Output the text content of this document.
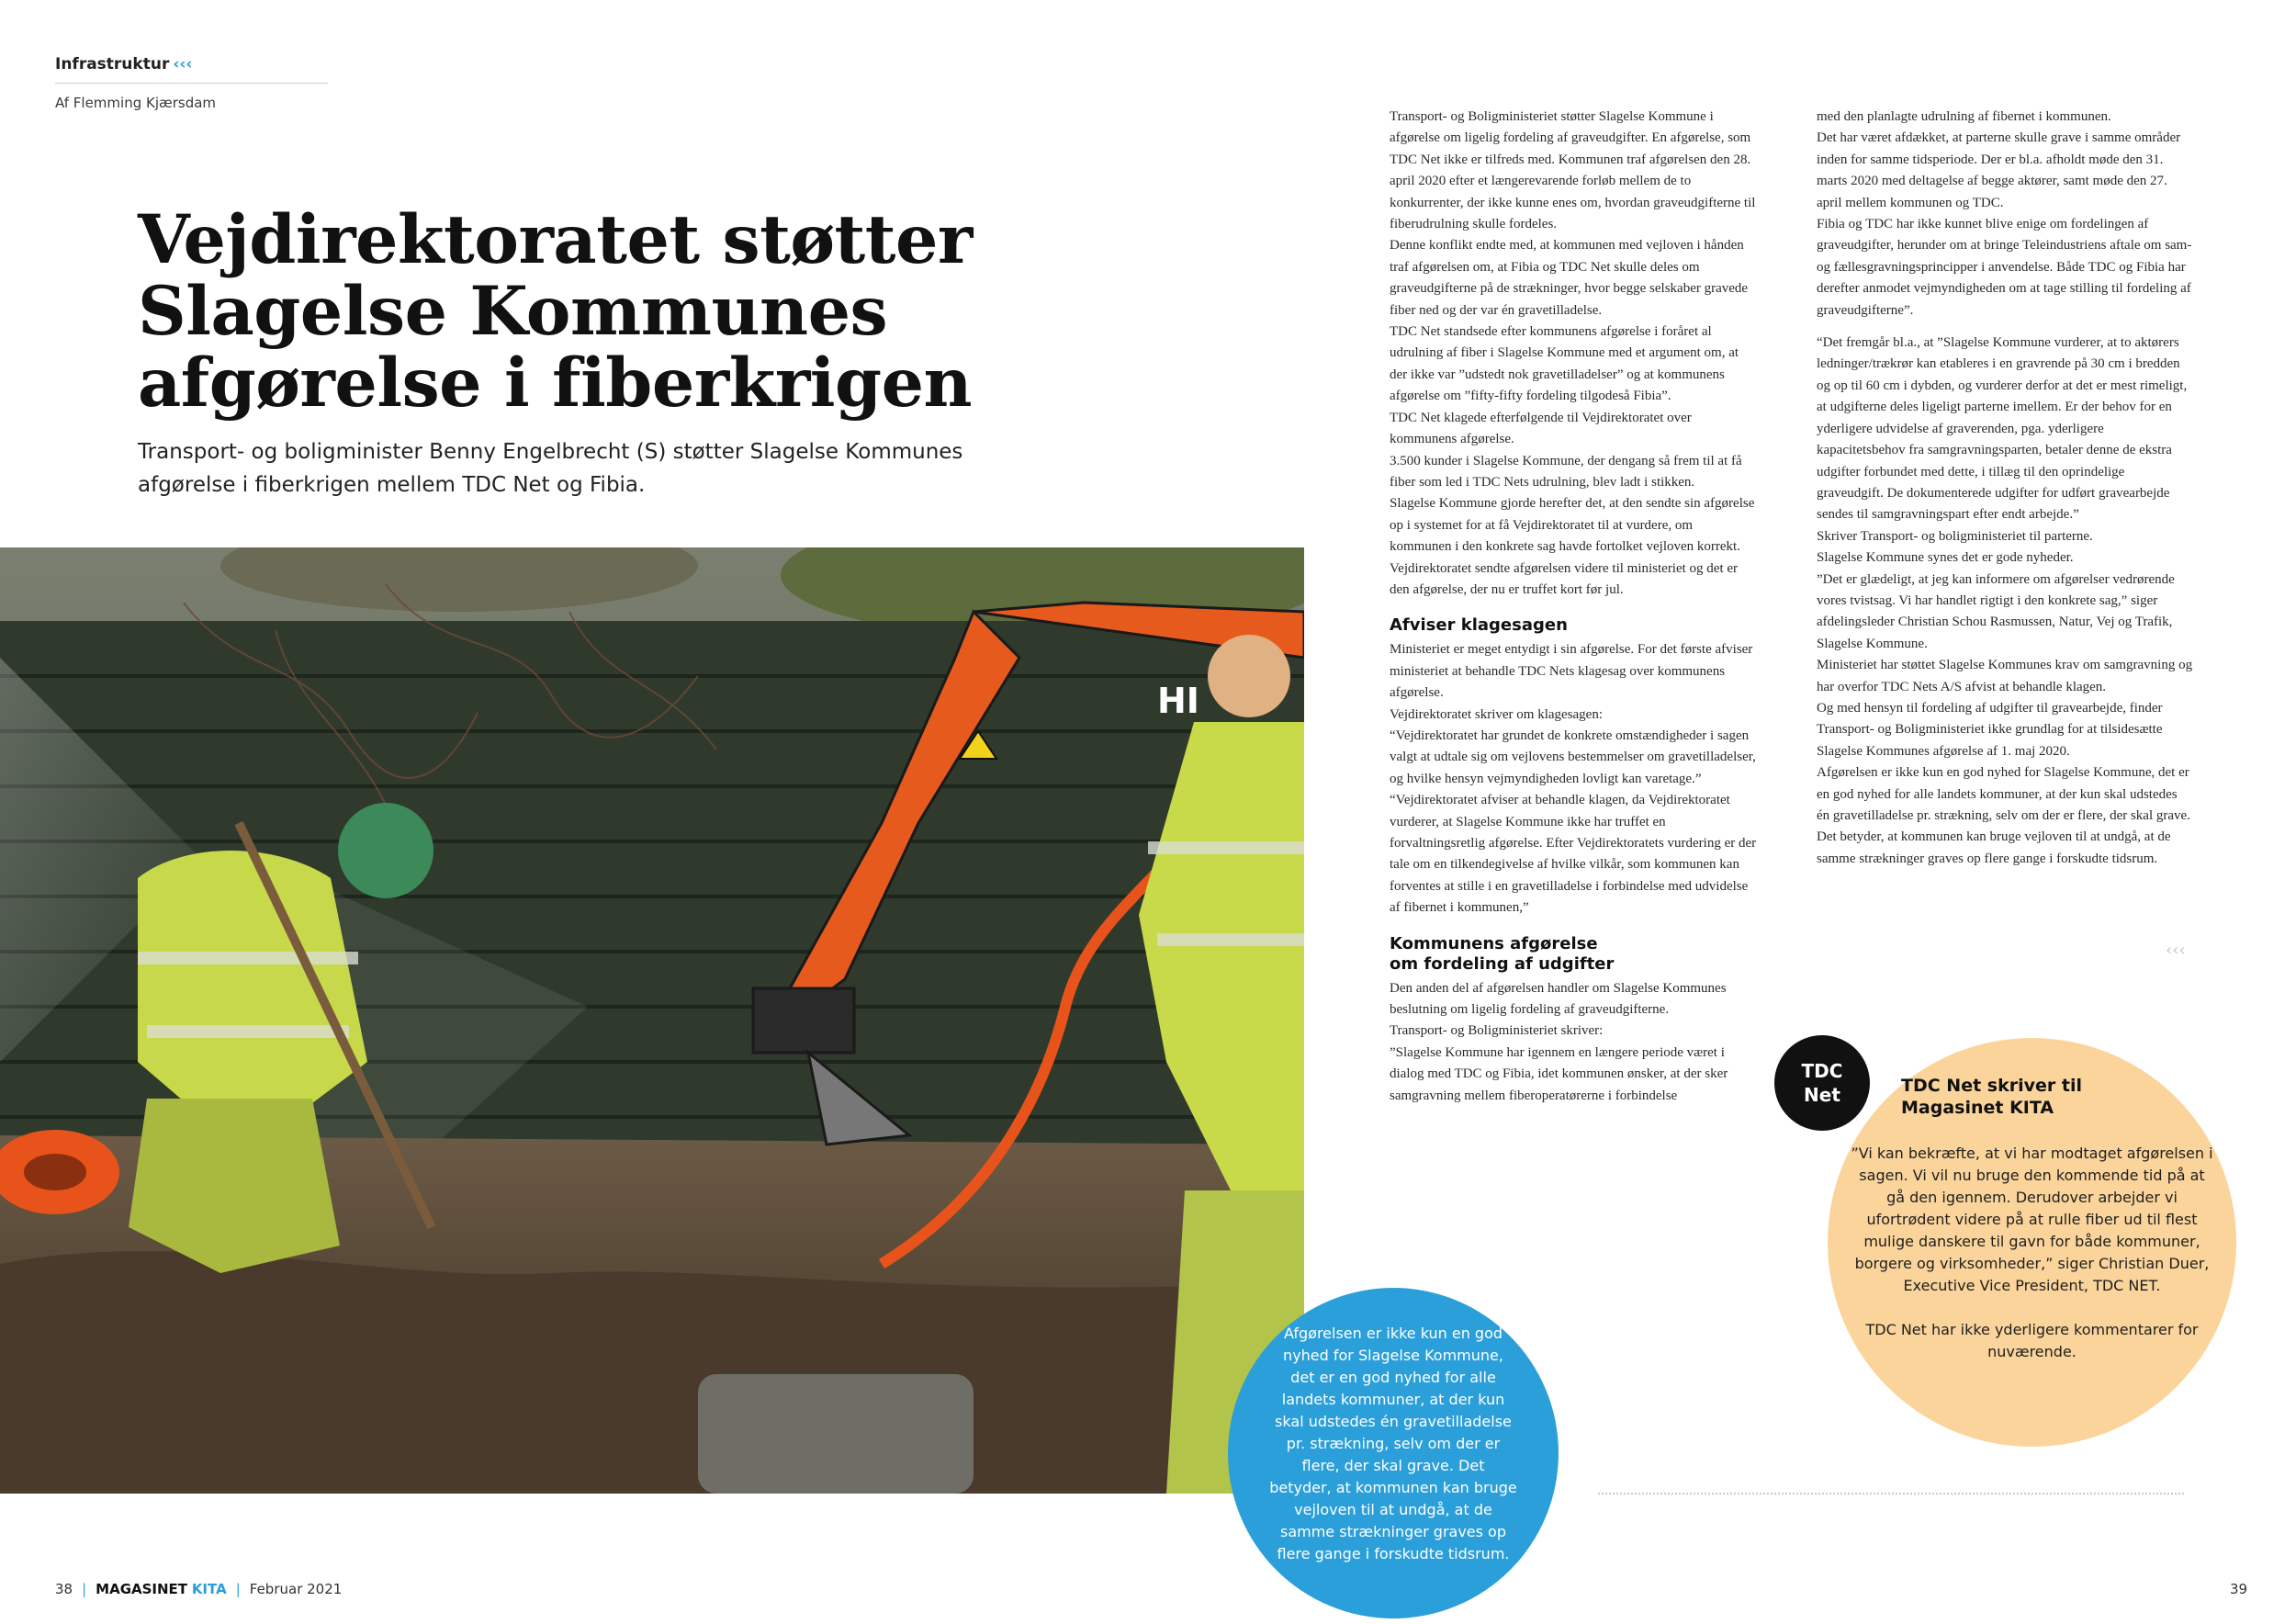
Infrastruktur ‹‹‹
Af Flemming Kjærsdam
Vejdirektoratet støtter
Slagelse Kommunes
afgørelse i fiberkrigen

Transport- og boligminister Benny Engelbrecht (S) støtter Slagelse Kommunes afgørelse i fiberkrigen mellem TDC Net og Fibia.

HI

Transport- og Boligministeriet støtter Slagelse Kommune i afgørelse om ligelig fordeling af graveudgifter. En afgørelse, som TDC Net ikke er tilfreds med. Kommunen traf afgørelsen den 28. april 2020 efter et længerevarende forløb mellem de to konkurrenter, der ikke kunne enes om, hvordan graveudgifterne til fiberudrulning skulle fordeles.

Denne konflikt endte med, at kommunen med vejloven i hånden traf afgørelsen om, at Fibia og TDC Net skulle deles om graveudgifterne på de strækninger, hvor begge selskaber gravede fiber ned og der var én gravetilladelse.

TDC Net standsede efter kommunens afgørelse i foråret al udrulning af fiber i Slagelse Kommune med et argument om, at der ikke var ”udstedt nok gravetilladelser” og at kommunens afgørelse om ”fifty-fifty fordeling tilgodeså Fibia”.

TDC Net klagede efterfølgende til Vejdirektoratet over kommunens afgørelse.

3.500 kunder i Slagelse Kommune, der dengang så frem til at få fiber som led i TDC Nets udrulning, blev ladt i stikken.

Slagelse Kommune gjorde herefter det, at den sendte sin afgørelse op i systemet for at få Vejdirektoratet til at vurdere, om kommunen i den konkrete sag havde fortolket vejloven korrekt. Vejdirektoratet sendte afgørelsen videre til ministeriet og det er den afgørelse, der nu er truffet kort før jul.

Afviser klagesagen

Ministeriet er meget entydigt i sin afgørelse. For det første afviser ministeriet at behandle TDC Nets klagesag over kommunens afgørelse.

Vejdirektoratet skriver om klagesagen:

“Vejdirektoratet har grundet de konkrete omstændigheder i sagen valgt at udtale sig om vejlovens bestemmelser om gravetilladelser, og hvilke hensyn vejmyndigheden lovligt kan varetage.”

“Vejdirektoratet afviser at behandle klagen, da Vejdirektoratet vurderer, at Slagelse Kommune ikke har truffet en forvaltningsretlig afgørelse. Efter Vejdirektoratets vurdering er der tale om en tilkendegivelse af hvilke vilkår, som kommunen kan forventes at stille i en gravetilladelse i forbindelse med udvidelse af fibernet i kommunen,”

Kommunens afgørelse
om fordeling af udgifter

Den anden del af afgørelsen handler om Slagelse Kommunes beslutning om ligelig fordeling af graveudgifterne.

Transport- og Boligministeriet skriver:

”Slagelse Kommune har igennem en længere periode været i dialog med TDC og Fibia, idet kommunen ønsker, at der sker samgravning mellem fiberoperatørerne i forbindelse

med den planlagte udrulning af fibernet i kommunen.

Det har været afdækket, at parterne skulle grave i samme områder inden for samme tidsperiode. Der er bl.a. afholdt møde den 31. marts 2020 med deltagelse af begge aktører, samt møde den 27. april mellem kommunen og TDC.

Fibia og TDC har ikke kunnet blive enige om fordelingen af graveudgifter, herunder om at bringe Teleindustriens aftale om sam- og fællesgravningsprincipper i anvendelse. Både TDC og Fibia har derefter anmodet vejmyndigheden om at tage stilling til fordeling af graveudgifterne”.

“Det fremgår bl.a., at ”Slagelse Kommune vurderer, at to aktørers ledninger/trækrør kan etableres i en gravrende på 30 cm i bredden og op til 60 cm i dybden, og vurderer derfor at det er mest rimeligt, at udgifterne deles ligeligt parterne imellem. Er der behov for en yderligere udvidelse af graverenden, pga. yderligere kapacitetsbehov fra samgravningsparten, betaler denne de ekstra udgifter forbundet med dette, i tillæg til den oprindelige graveudgift. De dokumenterede udgifter for udført gravearbejde sendes til samgravningspart efter endt arbejde.”

Skriver Transport- og boligministeriet til parterne.

Slagelse Kommune synes det er gode nyheder.

”Det er glædeligt, at jeg kan informere om afgørelser vedrørende vores tvistsag. Vi har handlet rigtigt i den konkrete sag,” siger afdelingsleder Christian Schou Rasmussen, Natur, Vej og Trafik, Slagelse Kommune.

Ministeriet har støttet Slagelse Kommunes krav om samgravning og har overfor TDC Nets A/S afvist at behandle klagen.

Og med hensyn til fordeling af udgifter til gravearbejde, finder Transport- og Boligministeriet ikke grundlag for at tilsidesætte Slagelse Kommunes afgørelse af 1. maj 2020.

Afgørelsen er ikke kun en god nyhed for Slagelse Kommune, det er en god nyhed for alle landets kommuner, at der kun skal udstedes én gravetilladelse pr. strækning, selv om der er flere, der skal grave. Det betyder, at kommunen kan bruge vejloven til at undgå, at de samme strækninger graves op flere gange i forskudte tidsrum.

‹‹‹

Afgørelsen er ikke kun en god nyhed for Slagelse Kommune, det er en god nyhed for alle landets kommuner, at der kun skal udstedes én gravetilladelse pr. strækning, selv om der er flere, der skal grave. Det betyder, at kommunen kan bruge vejloven til at undgå, at de samme strækninger graves op flere gange i forskudte tidsrum.

TDC
Net	TDC Net skriver til Magasinet KITA

”Vi kan bekræfte, at vi har modtaget afgørelsen i sagen. Vi vil nu bruge den kommende tid på at gå den igennem. Derudover arbejder vi ufortrødent videre på at rulle fiber ud til flest mulige danskere til gavn for både kommuner, borgere og virksomheder,” siger Christian Duer, Executive Vice President, TDC NET.

TDC Net har ikke yderligere kommentarer for nuværende.

38 | MAGASINET KITA | Februar 2021	39
